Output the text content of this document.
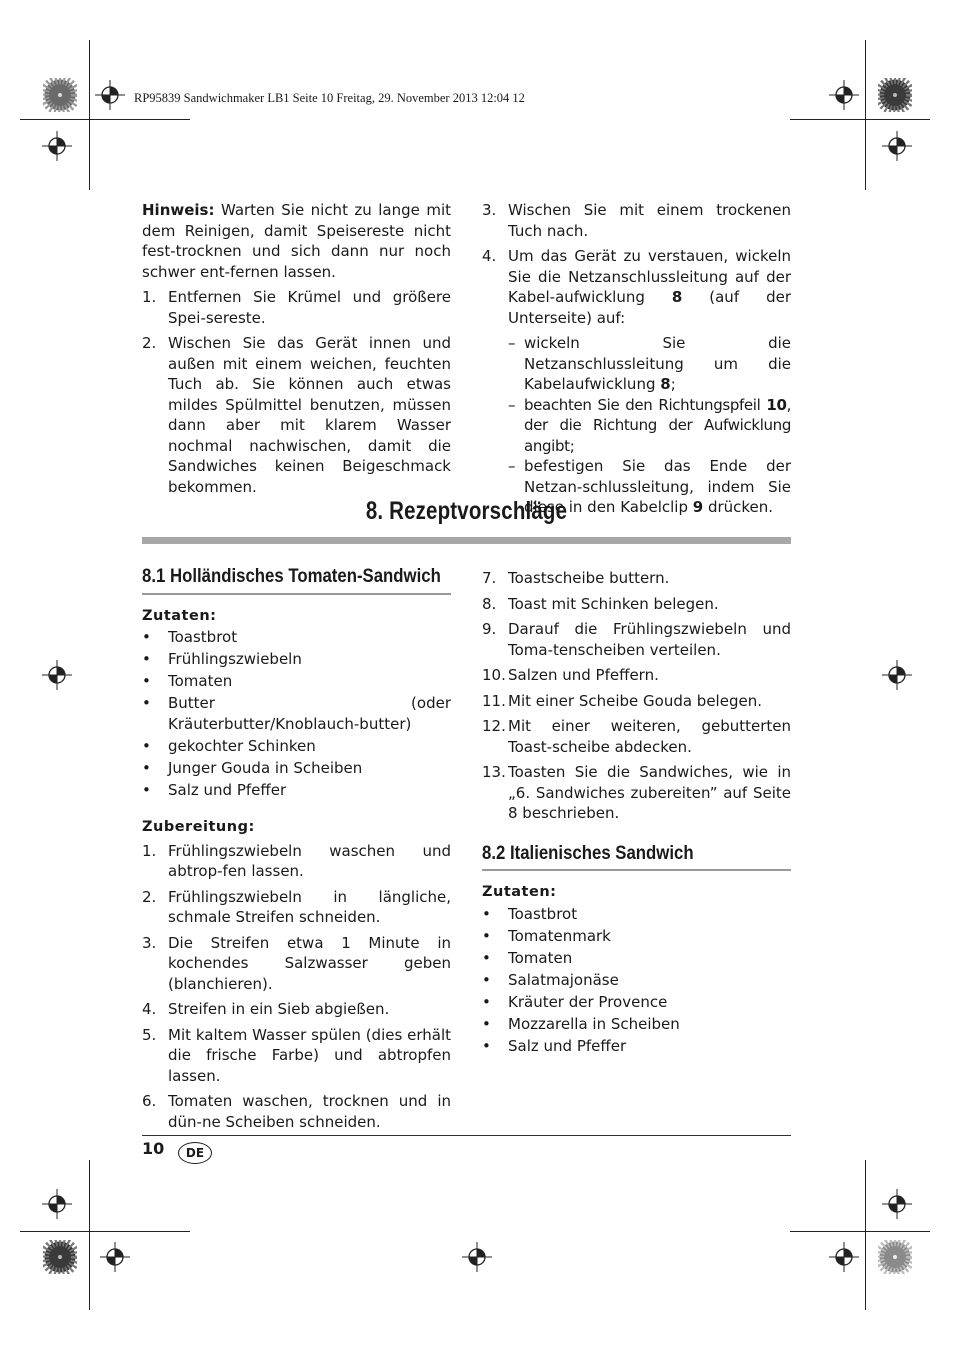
RP95839 Sandwichmaker LB1 Seite 10 Freitag, 29. November 2013 12:04 12

Hinweis: Warten Sie nicht zu lange mit dem Reinigen, damit Speisereste nicht fest-trocknen und sich dann nur noch schwer ent-fernen lassen.

1. Entfernen Sie Krümel und größere Spei-sereste.
2. Wischen Sie das Gerät innen und außen mit einem weichen, feuchten Tuch ab. Sie können auch etwas mildes Spülmittel benutzen, müssen dann aber mit klarem Wasser nochmal nachwischen, damit die Sandwiches keinen Beigeschmack bekommen.
3. Wischen Sie mit einem trockenen Tuch nach.
4. Um das Gerät zu verstauen, wickeln Sie die Netzanschlussleitung auf der Kabel-aufwicklung 8 (auf der Unterseite) auf:
– wickeln Sie die Netzanschlussleitung um die Kabelaufwicklung 8;
– beachten Sie den Richtungspfeil 10, der die Richtung der Aufwicklung angibt;
– befestigen Sie das Ende der Netzan-schlussleitung, indem Sie diese in den Kabelclip 9 drücken.
8. Rezeptvorschläge
8.1 Holländisches Tomaten-Sandwich
Zutaten:
•	Toastbrot
•	Frühlingszwiebeln
•	Tomaten
•	Butter (oder Kräuterbutter/Knoblauch-butter)
•	gekochter Schinken
•	Junger Gouda in Scheiben
•	Salz und Pfeffer
Zubereitung:
1. Frühlingszwiebeln waschen und abtrop-fen lassen.
2. Frühlingszwiebeln in längliche, schmale Streifen schneiden.
3. Die Streifen etwa 1 Minute in kochendes Salzwasser geben (blanchieren).
4. Streifen in ein Sieb abgießen.
5. Mit kaltem Wasser spülen (dies erhält die frische Farbe) und abtropfen lassen.
6. Tomaten waschen, trocknen und in dün-ne Scheiben schneiden.
7. Toastscheibe buttern.
8. Toast mit Schinken belegen.
9. Darauf die Frühlingszwiebeln und Toma-tenscheiben verteilen.
10. Salzen und Pfeffern.
11. Mit einer Scheibe Gouda belegen.
12. Mit einer weiteren, gebutterten Toast-scheibe abdecken.
13. Toasten Sie die Sandwiches, wie in „6. Sandwiches zubereiten” auf Seite 8 beschrieben.
8.2 Italienisches Sandwich
Zutaten:
•	Toastbrot
•	Tomatenmark
•	Tomaten
•	Salatmajonäse
•	Kräuter der Provence
•	Mozzarella in Scheiben
•	Salz und Pfeffer
10	DE
